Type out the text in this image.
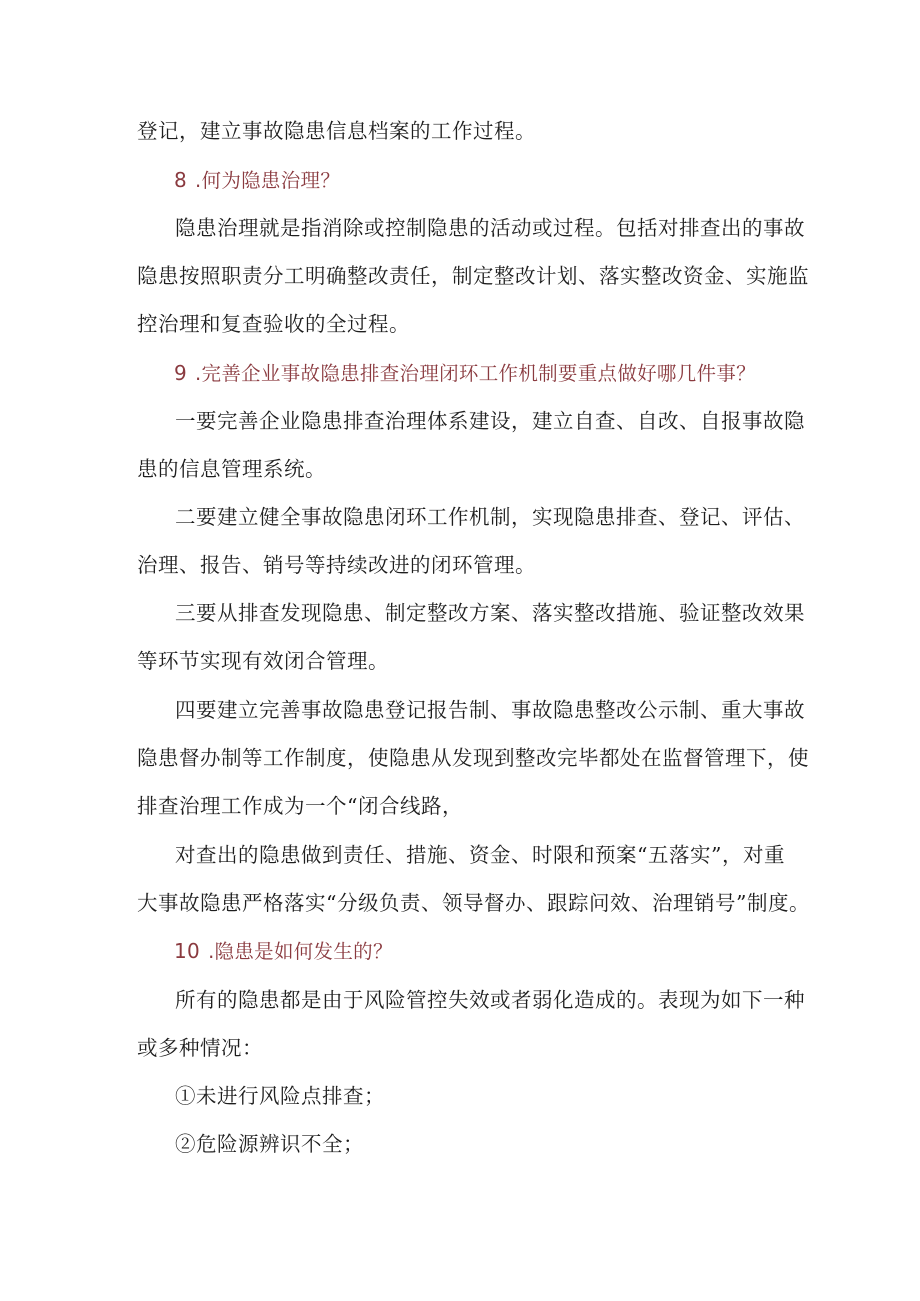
登记，建立事故隐患信息档案的工作过程。
8 .何为隐患治理？
隐患治理就是指消除或控制隐患的活动或过程。包括对排查出的事故
隐患按照职责分工明确整改责任，制定整改计划、落实整改资金、实施监
控治理和复查验收的全过程。
9 .完善企业事故隐患排查治理闭环工作机制要重点做好哪几件事？
一要完善企业隐患排查治理体系建设，建立自查、自改、自报事故隐
患的信息管理系统。
二要建立健全事故隐患闭环工作机制，实现隐患排查、登记、评估、
治理、报告、销号等持续改进的闭环管理。
三要从排查发现隐患、制定整改方案、落实整改措施、验证整改效果
等环节实现有效闭合管理。
四要建立完善事故隐患登记报告制、事故隐患整改公示制、重大事故
隐患督办制等工作制度，使隐患从发现到整改完毕都处在监督管理下，使
排查治理工作成为一个“闭合线路，
对查出的隐患做到责任、措施、资金、时限和预案“五落实”，对重
大事故隐患严格落实“分级负责、领导督办、跟踪问效、治理销号”制度。
10 .隐患是如何发生的？
所有的隐患都是由于风险管控失效或者弱化造成的。表现为如下一种
或多种情况：
①未进行风险点排查；
②危险源辨识不全；
